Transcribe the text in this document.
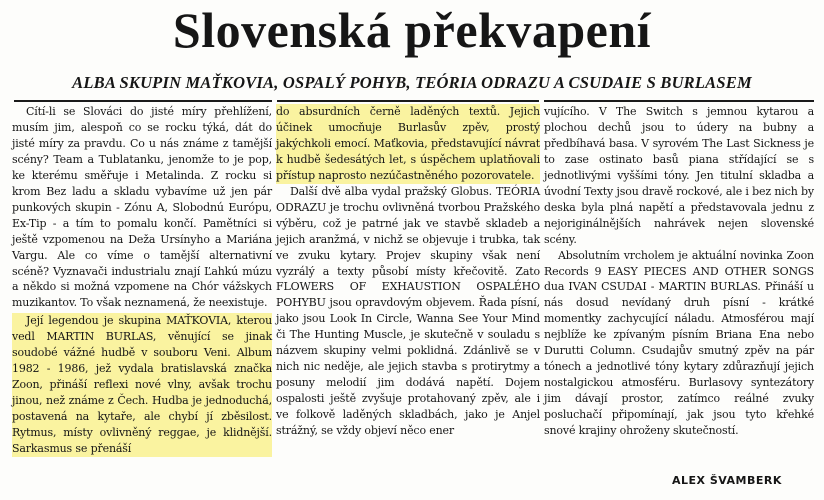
Slovenská překvapení
ALBA SKUPIN MAŤKOVIA, OSPALÝ POHYB, TEÓRIA ODRAZU A CSUDAIE S BURLASEM

Cítí-li se Slováci do jisté míry přehlížení, musím jim, alespoň co se rocku týká, dát do jisté míry za pravdu. Co u nás známe z tamější scény? Team a Tublatanku, jenomže to je pop, ke kterému směřuje i Metalinda. Z rocku si krom Bez ladu a skladu vybavíme už jen pár punkových skupin - Zónu A, Slobodnú Európu, Ex-Tip - a tím to pomalu končí. Pamětníci si ještě vzpomenou na Deža Ursínyho a Mariána Vargu. Ale co víme o tamější alternativní scéně? Vyznavači industrialu znají Ľahkú múzu a někdo si možná vzpomene na Chór vážskych muzikantov. To však neznamená, že neexistuje.

Její legendou je skupina MAŤKOVIA, kterou vedl MARTIN BURLAS, věnující se jinak soudobé vážné hudbě v souboru Veni. Album 1982 - 1986, jež vydala bratislavská značka Zoon, přináší reflexi nové vlny, avšak trochu jinou, než známe z Čech. Hudba je jednoduchá, postavená na kytaře, ale chybí jí zběsilost. Rytmus, místy ovlivněný reggae, je klidnější. Sarkasmus se přenáší

do absurdních černě laděných textů. Jejich účinek umocňuje Burlasův zpěv, prostý jakýchkoli emocí. Maťkovia, představující návrat k hudbě šedesátých let, s úspěchem uplatňovali přístup naprosto nezúčastněného pozorovatele.

Další dvě alba vydal pražský Globus. TEÓRIA ODRAZU je trochu ovlivněná tvorbou Pražského výběru, což je patrné jak ve stavbě skladeb a jejich aranžmá, v nichž se objevuje i trubka, tak ve zvuku kytary. Projev skupiny však není vyzrálý a texty působí místy křečovitě. Zato FLOWERS OF EXHAUSTION OSPALÉHO POHYBU jsou opravdovým objevem. Řada písní, jako jsou Look In Circle, Wanna See Your Mind či The Hunting Muscle, je skutečně v souladu s názvem skupiny velmi poklidná. Zdánlivě se v nich nic neděje, ale jejich stavba s protirytmy a posuny melodií jim dodává napětí. Dojem ospalosti ještě zvyšuje protahovaný zpěv, ale i ve folkově laděných skladbách, jako je Anjel strážný, se vždy objeví něco ener

vujícího. V The Switch s jemnou kytarou a plochou dechů jsou to údery na bubny a předbíhavá basa. V syrovém The Last Sickness je to zase ostinato basů piana střídající se s jednotlivými vyššími tóny. Jen titulní skladba a úvodní Texty jsou dravě rockové, ale i bez nich by deska byla plná napětí a představovala jednu z nejoriginálnějších nahrávek nejen slovenské scény.

Absolutním vrcholem je aktuální novinka Zoon Records 9 EASY PIECES AND OTHER SONGS dua IVAN CSUDAI - MARTIN BURLAS. Přináší u nás dosud nevídaný druh písní - krátké momentky zachycující náladu. Atmosférou mají nejblíže ke zpívaným písním Briana Ena nebo Durutti Column. Csudajův smutný zpěv na pár tónech a jednotlivé tóny kytary zdůrazňují jejich nostalgickou atmosféru. Burlasovy syntezátory jim dávají prostor, zatímco reálné zvuky posluchačí připomínají, jak jsou tyto křehké snové krajiny ohroženy skutečností.

ALEX ŠVAMBERK
